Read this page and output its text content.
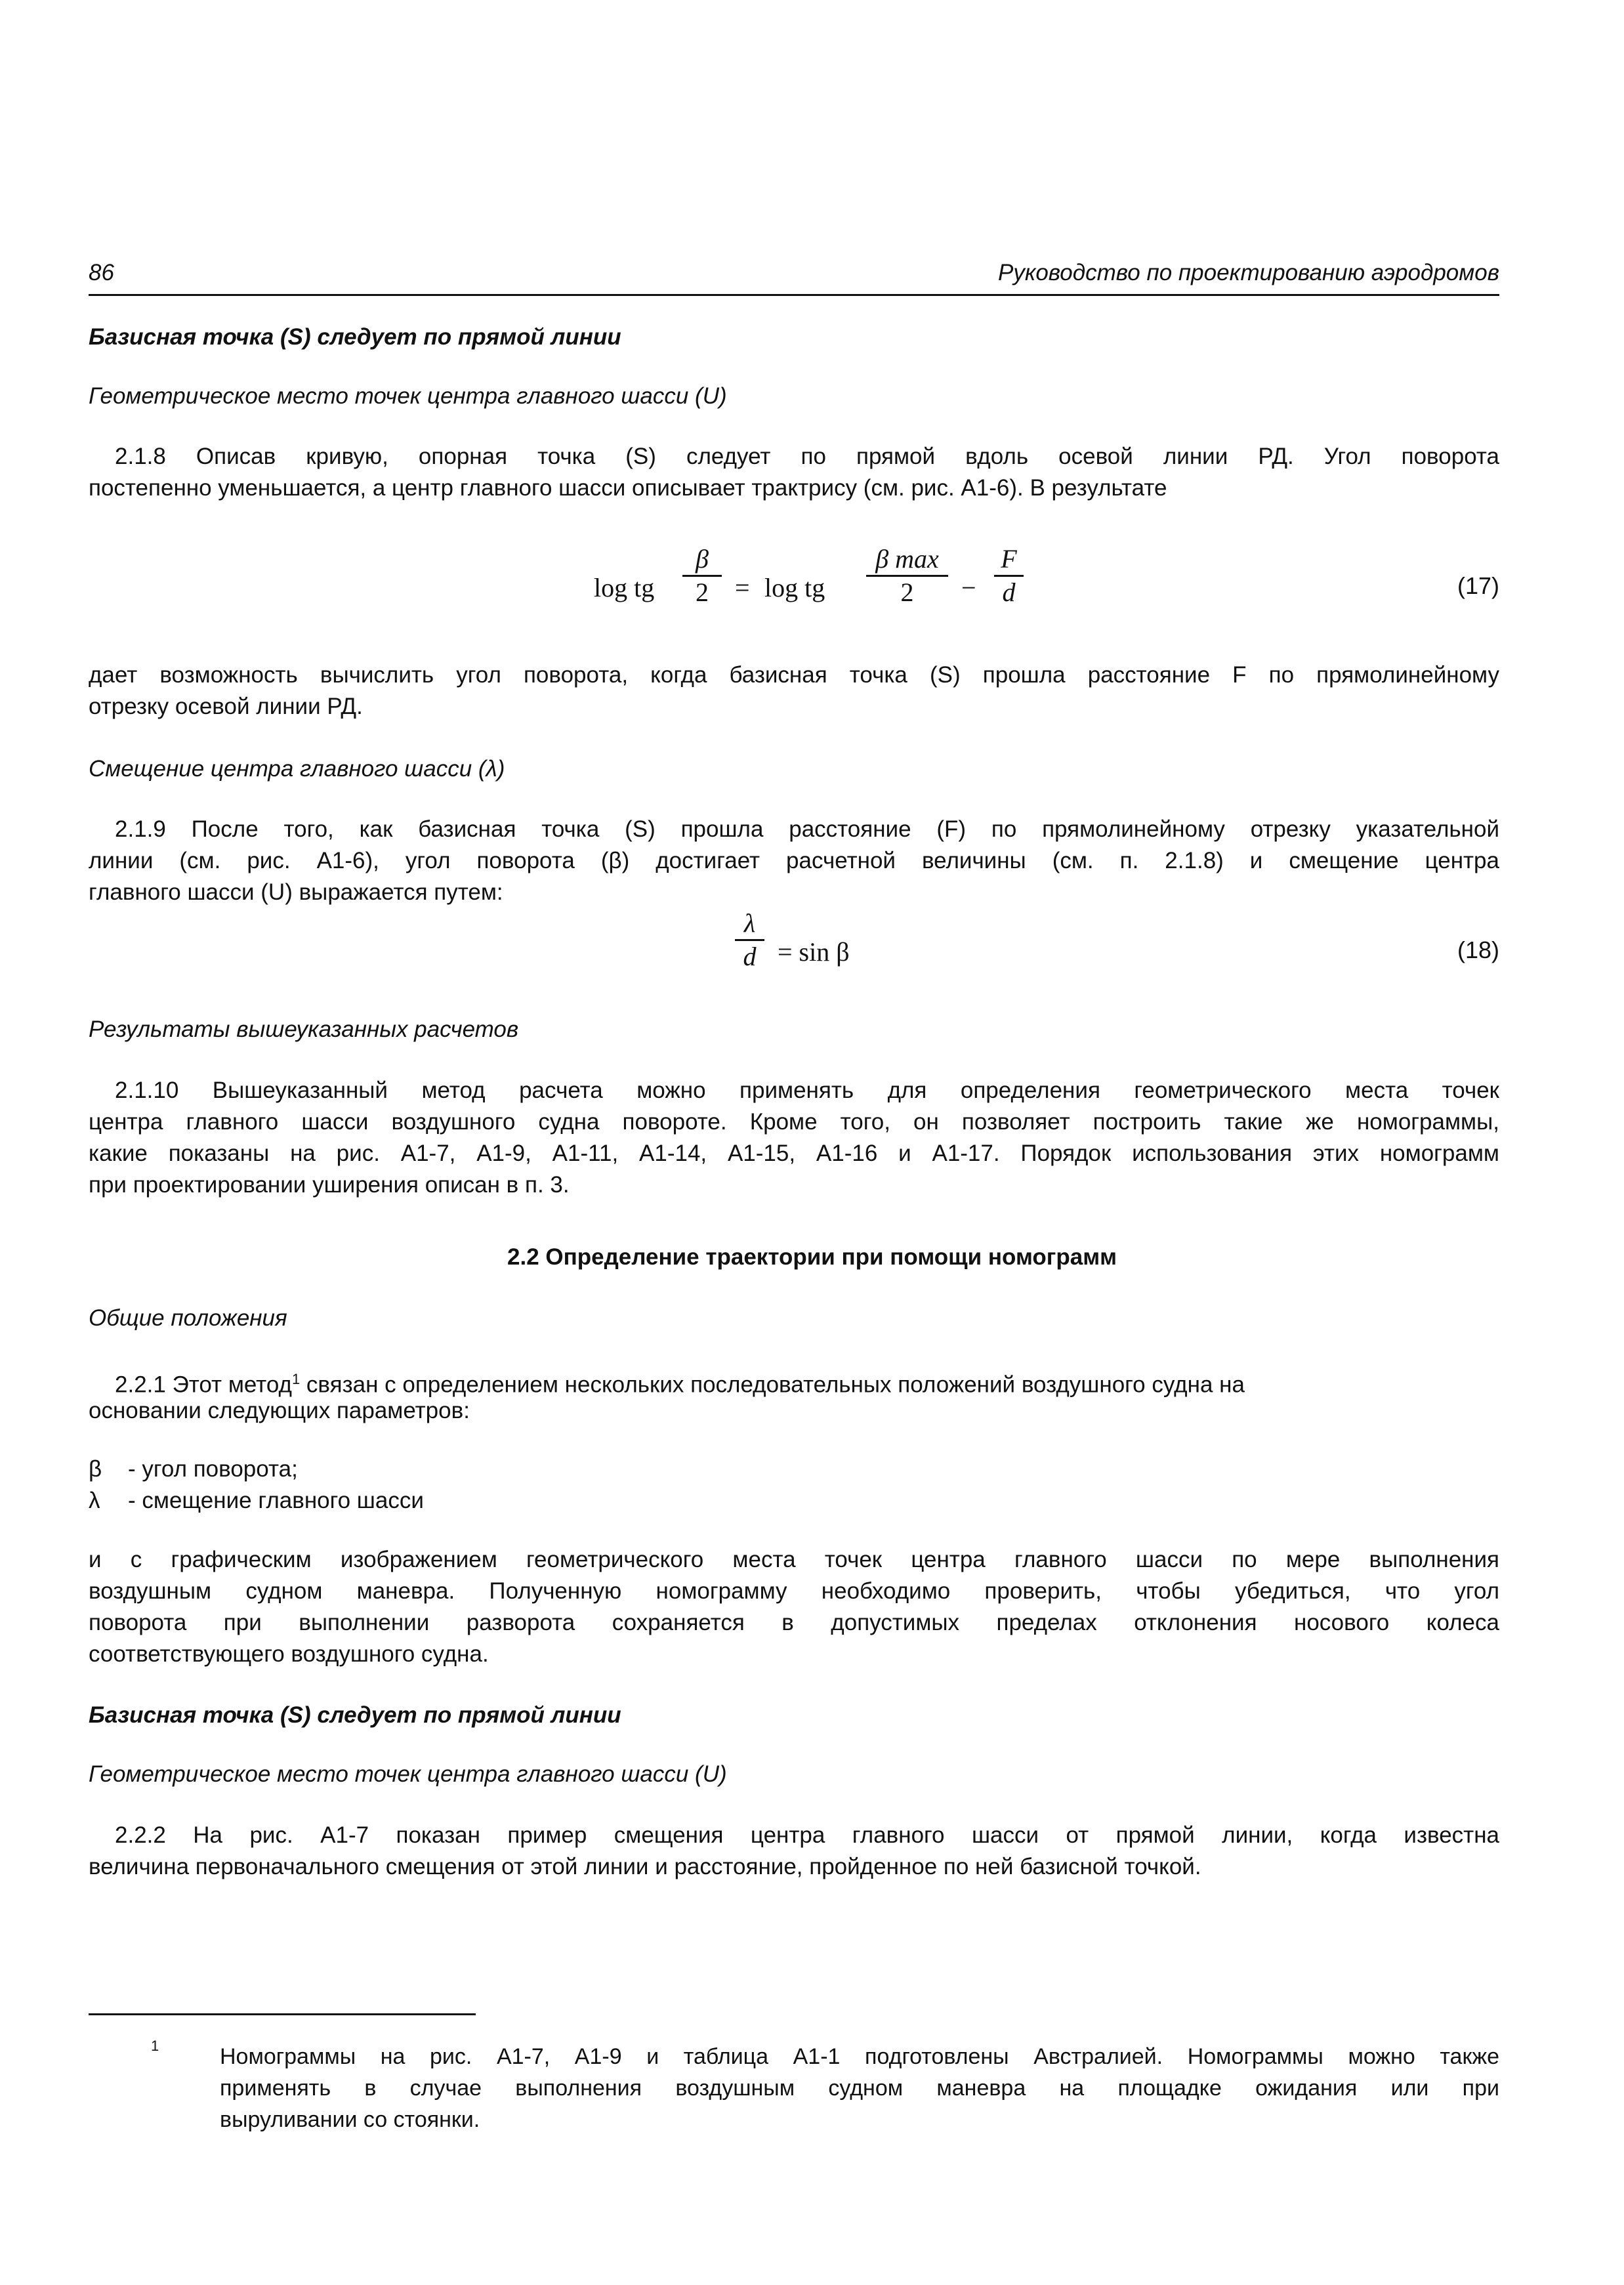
86	Руководство по проектированию аэродромов
Базисная точка (S) следует по прямой линии
Геометрическое место точек центра главного шасси (U)
2.1.8 Описав кривую, опорная точка (S) следует по прямой вдоль осевой линии РД. Угол поворота
постепенно уменьшается, а центр главного шасси описывает трактрису (см. рис. А1-6). В результате
log tg
β
2	= log tg
β max
2	−
F
d	(17)
дает возможность вычислить угол поворота, когда базисная точка (S) прошла расстояние F по прямолинейному
отрезку осевой линии РД.
Смещение центра главного шасси (λ)
2.1.9 После того, как базисная точка (S) прошла расстояние (F) по прямолинейному отрезку указательной
линии (см. рис. А1-6), угол поворота (β) достигает расчетной величины (см. п. 2.1.8) и смещение центра
главного шасси (U) выражается путем:
λ
d = sin β	(18)
Результаты вышеуказанных расчетов
2.1.10 Вышеуказанный метод расчета можно применять для определения геометрического места точек
центра главного шасси воздушного судна повороте. Кроме того, он позволяет построить такие же номограммы,
какие показаны на рис. А1-7, А1-9, А1-11, А1-14, А1-15, А1-16 и А1-17. Порядок использования этих номограмм
при проектировании уширения описан в п. 3.
2.2 Определение траектории при помощи номограмм
Общие положения
2.2.1 Этот метод$^1$ связан с определением нескольких последовательных положений воздушного судна на
основании следующих параметров:
β - угол поворота;
λ - смещение главного шасси
и с графическим изображением геометрического места точек центра главного шасси по мере выполнения
воздушным судном маневра. Полученную номограмму необходимо проверить, чтобы убедиться, что угол
поворота при выполнении разворота сохраняется в допустимых пределах отклонения носового колеса
соответствующего воздушного судна.
Базисная точка (S) следует по прямой линии
Геометрическое место точек центра главного шасси (U)
2.2.2 На рис. А1-7 показан пример смещения центра главного шасси от прямой линии, когда известна
величина первоначального смещения от этой линии и расстояние, пройденное по ней базисной точкой.
1	Номограммы на рис. А1-7, А1-9 и таблица А1-1 подготовлены Австралией. Номограммы можно также
применять в случае выполнения воздушным судном маневра на площадке ожидания или при
выруливании со стоянки.
